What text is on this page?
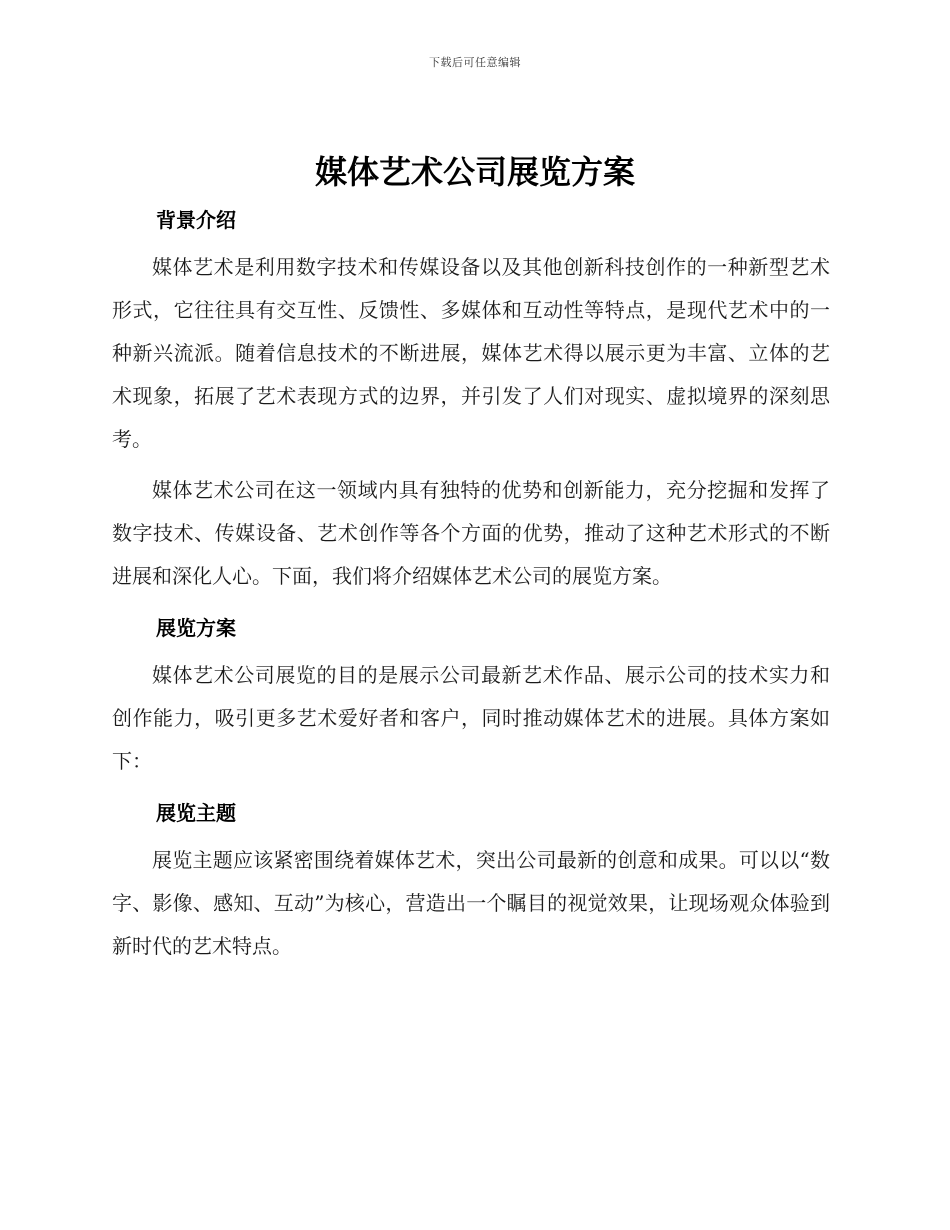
下载后可任意编辑
媒体艺术公司展览方案
背景介绍

媒体艺术是利用数字技术和传媒设备以及其他创新科技创作的一种新型艺术形式，它往往具有交互性、反馈性、多媒体和互动性等特点，是现代艺术中的一种新兴流派。随着信息技术的不断进展，媒体艺术得以展示更为丰富、立体的艺术现象，拓展了艺术表现方式的边界，并引发了人们对现实、虚拟境界的深刻思考。

媒体艺术公司在这一领域内具有独特的优势和创新能力，充分挖掘和发挥了数字技术、传媒设备、艺术创作等各个方面的优势，推动了这种艺术形式的不断进展和深化人心。下面，我们将介绍媒体艺术公司的展览方案。

展览方案

媒体艺术公司展览的目的是展示公司最新艺术作品、展示公司的技术实力和创作能力，吸引更多艺术爱好者和客户，同时推动媒体艺术的进展。具体方案如下：

展览主题

展览主题应该紧密围绕着媒体艺术，突出公司最新的创意和成果。可以以“数字、影像、感知、互动”为核心，营造出一个瞩目的视觉效果，让现场观众体验到新时代的艺术特点。
